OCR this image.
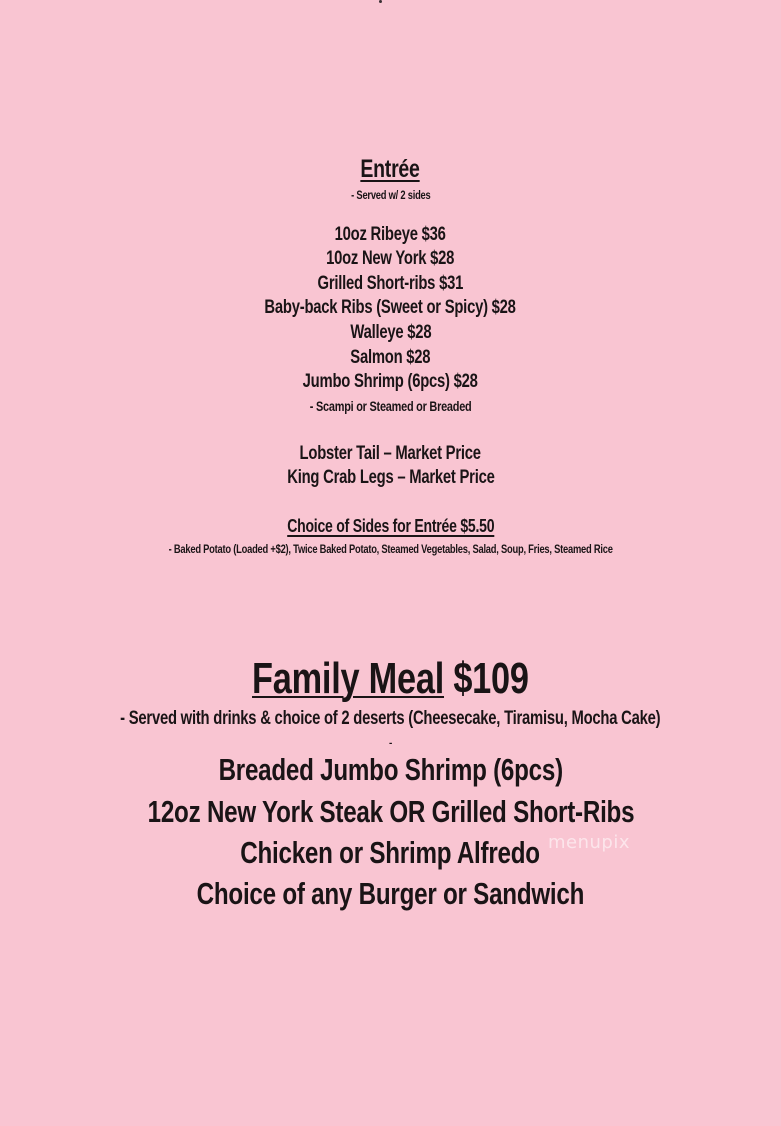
Entrée
- Served w/ 2 sides
10oz Ribeye $36
10oz New York $28
Grilled Short-ribs $31
Baby-back Ribs (Sweet or Spicy) $28
Walleye $28
Salmon $28
Jumbo Shrimp (6pcs) $28
- Scampi or Steamed or Breaded
Lobster Tail – Market Price
King Crab Legs – Market Price
Choice of Sides for Entrée $5.50
- Baked Potato (Loaded +$2), Twice Baked Potato, Steamed Vegetables, Salad, Soup, Fries, Steamed Rice
Family Meal $109
- Served with drinks & choice of 2 deserts (Cheesecake, Tiramisu, Mocha Cake)
-
Breaded Jumbo Shrimp (6pcs)
12oz New York Steak OR Grilled Short-Ribs
Chicken or Shrimp Alfredo
Choice of any Burger or Sandwich
menupix
